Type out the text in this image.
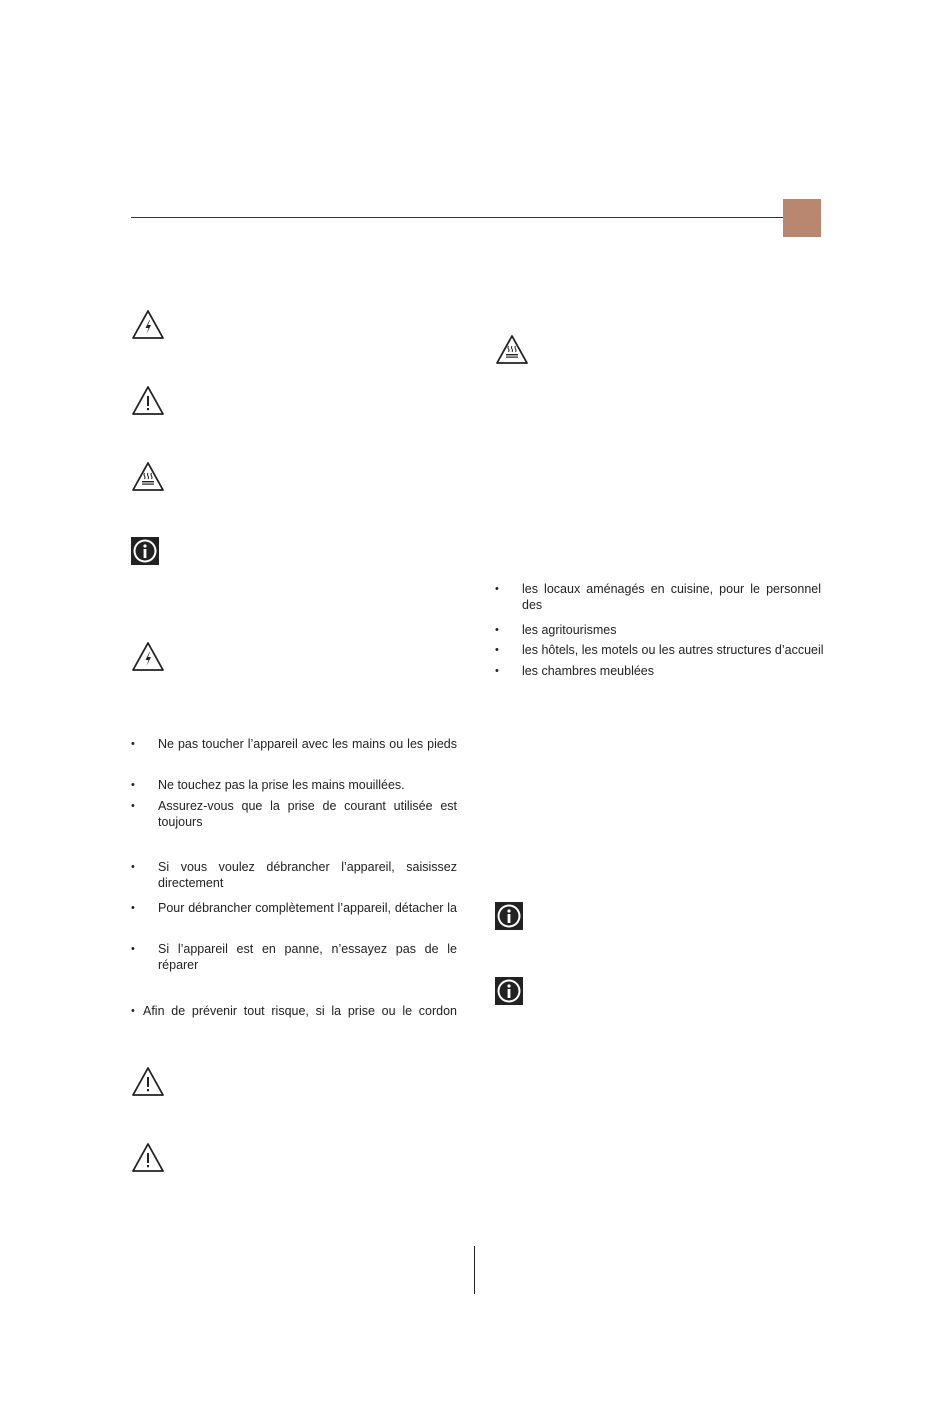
• Ne pas toucher l’appareil avec les mains ou les pieds
• Ne touchez pas la prise les mains mouillées.
• Assurez-vous que la prise de courant utilisée est toujours
• Si vous voulez débrancher l’appareil, saisissez directement
• Pour débrancher complètement l’appareil, détacher la
• Si l’appareil est en panne, n’essayez pas de le réparer
• Afin de prévenir tout risque, si la prise ou le cordon
• les locaux aménagés en cuisine, pour le personnel des
• les agritourismes
• les hôtels, les motels ou les autres structures d’accueil
• les chambres meublées
